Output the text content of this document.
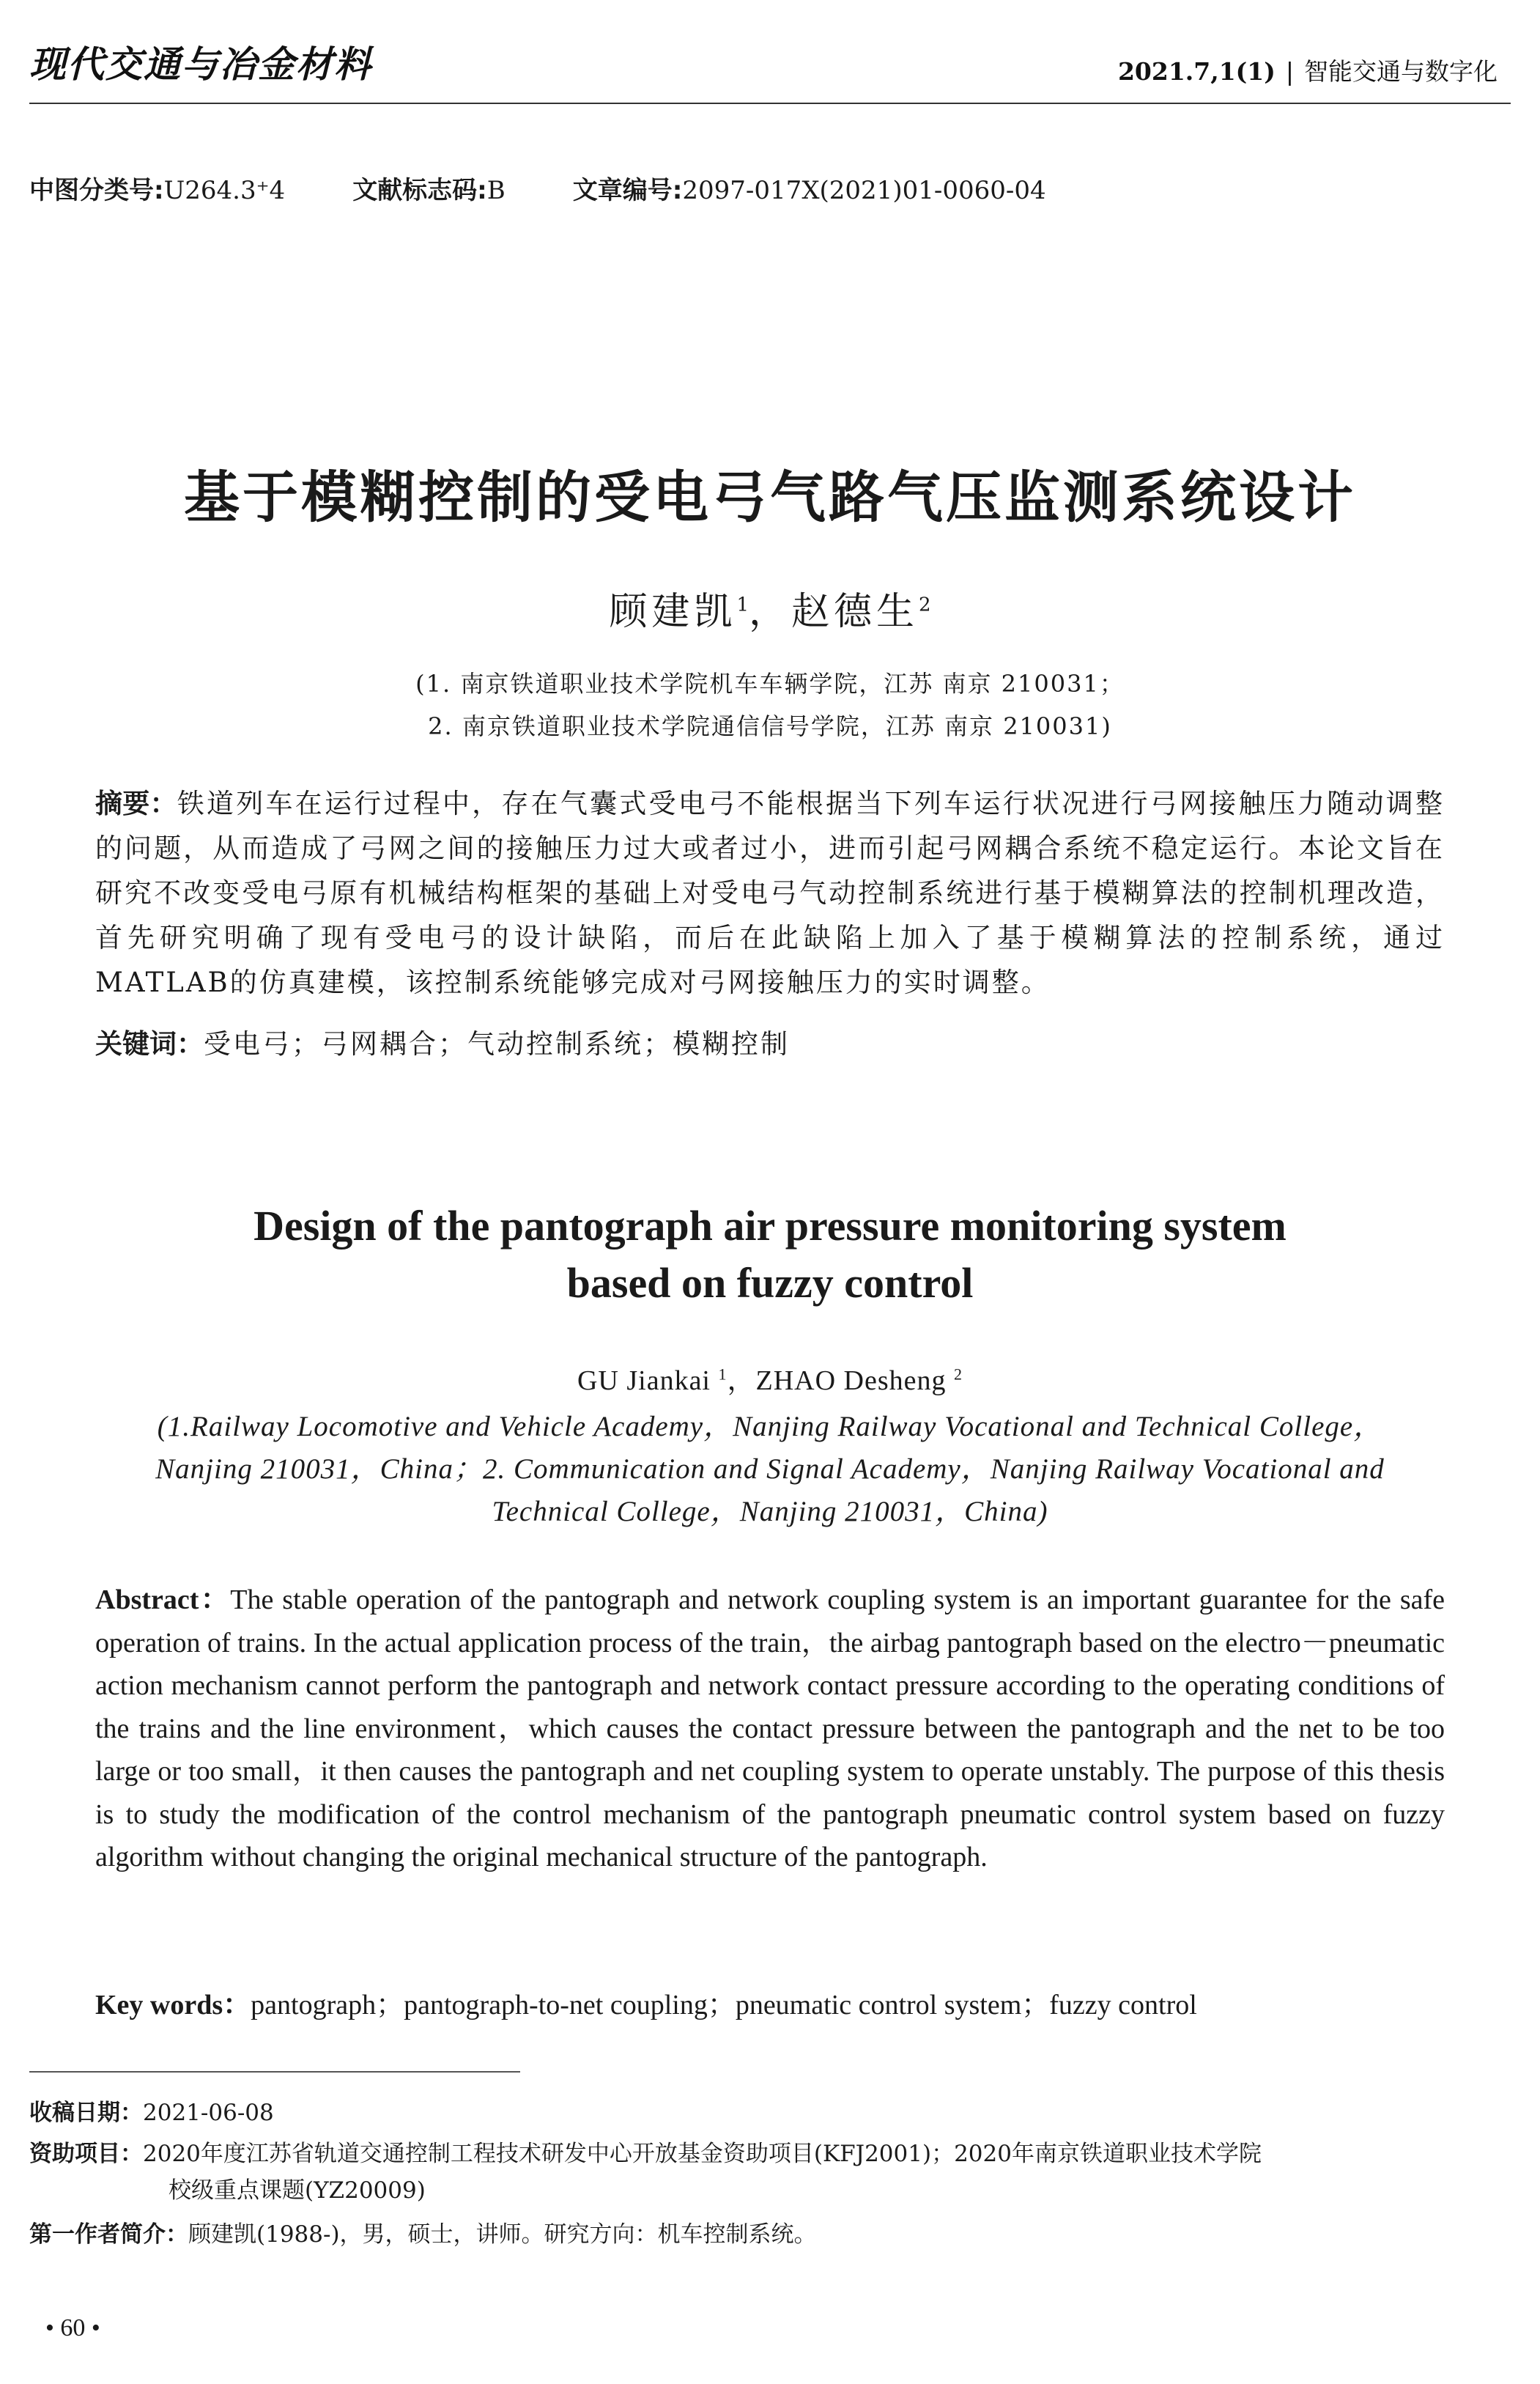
现代交通与冶金材料	2021.7,1(1) | 智能交通与数字化
中图分类号:U264.3⁺4	文献标志码:B	文章编号:2097-017X(2021)01-0060-04
基于模糊控制的受电弓气路气压监测系统设计
顾建凯$^1$，赵德生$^2$
(1. 南京铁道职业技术学院机车车辆学院，江苏 南京 210031；
2. 南京铁道职业技术学院通信信号学院，江苏 南京 210031)
摘要：铁道列车在运行过程中，存在气囊式受电弓不能根据当下列车运行状况进行弓网接触压力随动调整的问题，从而造成了弓网之间的接触压力过大或者过小，进而引起弓网耦合系统不稳定运行。本论文旨在研究不改变受电弓原有机械结构框架的基础上对受电弓气动控制系统进行基于模糊算法的控制机理改造，首先研究明确了现有受电弓的设计缺陷，而后在此缺陷上加入了基于模糊算法的控制系统，通过MATLAB的仿真建模，该控制系统能够完成对弓网接触压力的实时调整。
关键词：受电弓；弓网耦合；气动控制系统；模糊控制
Design of the pantograph air pressure monitoring system
based on fuzzy control
GU Jiankai $^1$，ZHAO Desheng $^2$
(1.Railway Locomotive and Vehicle Academy，Nanjing Railway Vocational and Technical College，
Nanjing 210031，China；2. Communication and Signal Academy，Nanjing Railway Vocational and
Technical College，Nanjing 210031，China)
Abstract：The stable operation of the pantograph and network coupling system is an important guarantee for the safe operation of trains. In the actual application process of the train，the airbag pantograph based on the electro－pneumatic action mechanism cannot perform the pantograph and network contact pressure according to the operating conditions of the trains and the line environment，which causes the contact pressure between the pantograph and the net to be too large or too small，it then causes the pantograph and net coupling system to operate unstably. The purpose of this thesis is to study the modification of the control mechanism of the pantograph pneumatic control system based on fuzzy algorithm without changing the original mechanical structure of the pantograph.
Key words：pantograph；pantograph-to-net coupling；pneumatic control system；fuzzy control
收稿日期：2021-06-08
资助项目：2020年度江苏省轨道交通控制工程技术研发中心开放基金资助项目(KFJ2001)；2020年南京铁道职业技术学院
校级重点课题(YZ20009)
第一作者简介：顾建凯(1988-)，男，硕士，讲师。研究方向：机车控制系统。
• 60 •
